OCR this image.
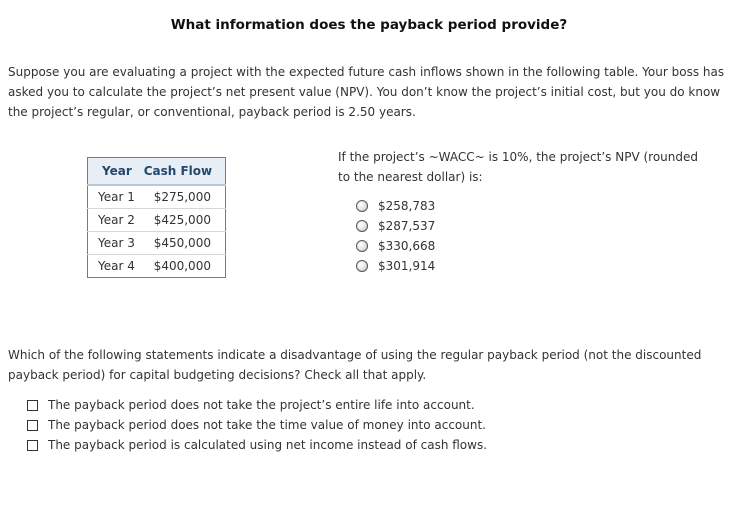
What information does the payback period provide?
Suppose you are evaluating a project with the expected future cash inflows shown in the following table. Your boss has asked you to calculate the project’s net present value (NPV). You don’t know the project’s initial cost, but you do know the project’s regular, or conventional, payback period is 2.50 years.
Year	Cash Flow
Year 1	$275,000
Year 2	$425,000
Year 3	$450,000
Year 4	$400,000
If the project’s ~WACC~ is 10%, the project’s NPV (rounded to the nearest dollar) is:
$258,783
$287,537
$330,668
$301,914
Which of the following statements indicate a disadvantage of using the regular payback period (not the discounted payback period) for capital budgeting decisions? Check all that apply.
The payback period does not take the project’s entire life into account.
The payback period does not take the time value of money into account.
The payback period is calculated using net income instead of cash flows.
